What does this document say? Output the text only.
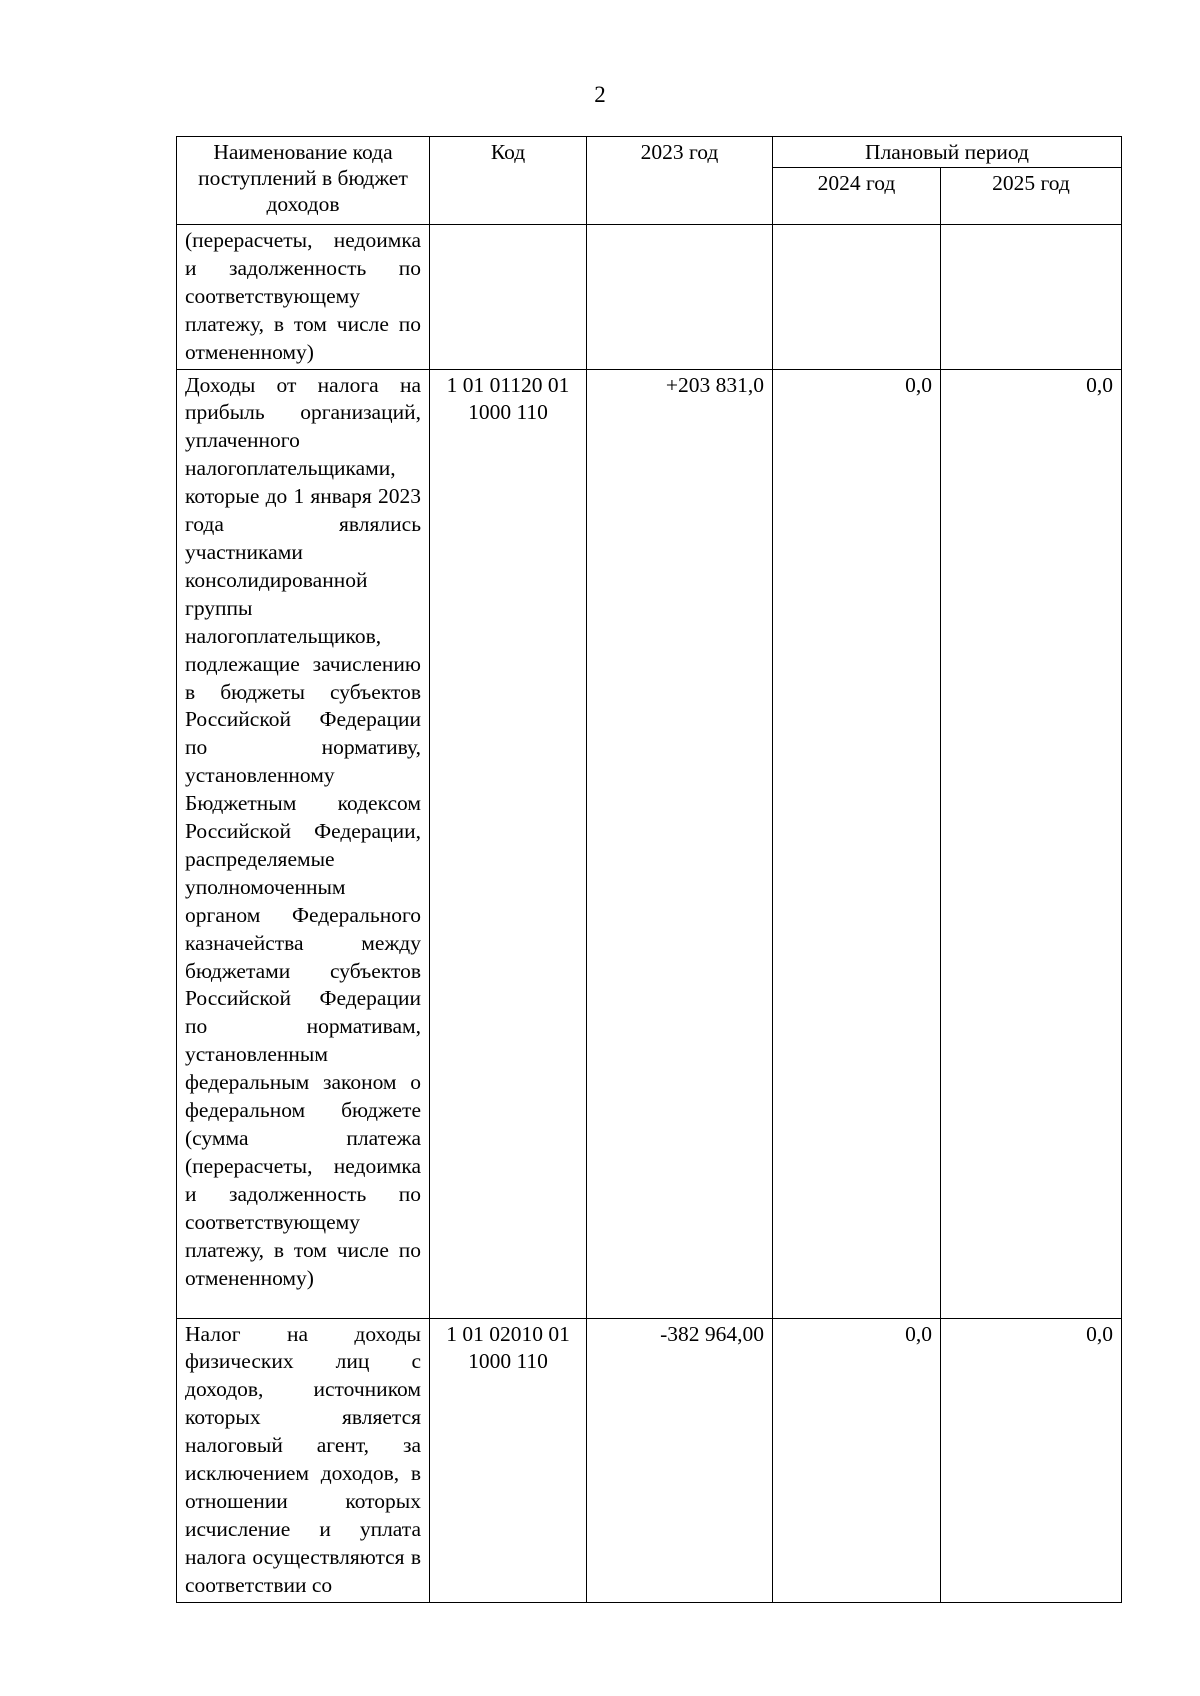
2
Наименование кода поступлений в бюджет доходов	Код	2023 год	Плановый период	
			2024 год	2025 год
(перерасчеты, недоимка и задолженность по соответствующему платежу, в том числе по отмененному)				
Доходы от налога на прибыль организаций, уплаченного налогоплательщиками, которые до 1 января 2023 года являлись участниками консолидированной группы налогоплательщиков, подлежащие зачислению в бюджеты субъектов Российской Федерации по нормативу, установленному Бюджетным кодексом Российской Федерации, распределяемые уполномоченным органом Федерального казначейства между бюджетами субъектов Российской Федерации по нормативам, установленным федеральным законом о федеральном бюджете (сумма платежа (перерасчеты, недоимка и задолженность по соответствующему платежу, в том числе по отмененному)	1 01 01120 01 1000 110	+203 831,0	0,0	0,0
Налог на доходы физических лиц с доходов, источником которых является налоговый агент, за исключением доходов, в отношении которых исчисление и уплата налога осуществляются в соответствии со	1 01 02010 01 1000 110	-382 964,00	0,0	0,0
